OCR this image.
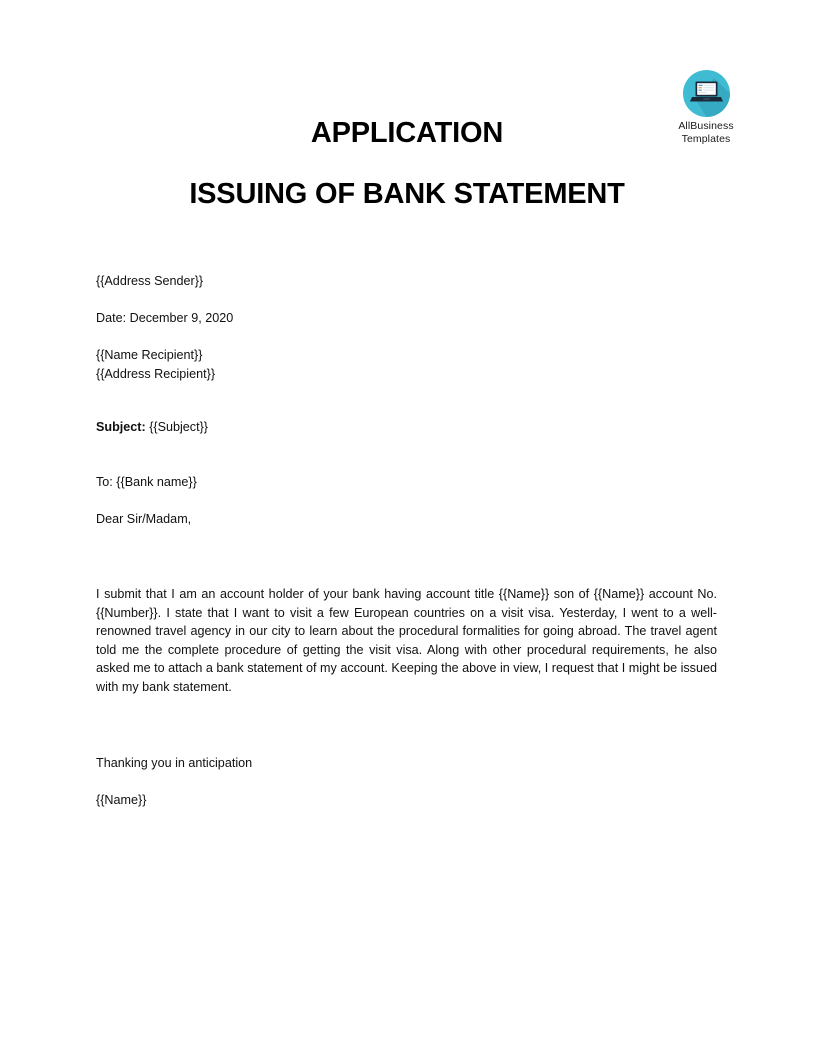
AllBusiness
Templates
APPLICATION
ISSUING OF BANK STATEMENT
{{Address Sender}}
Date: December 9, 2020
{{Name Recipient}}
{{Address Recipient}}
Subject: {{Subject}}
To: {{Bank name}}
Dear Sir/Madam,
I submit that I am an account holder of your bank having account title {{Name}} son of {{Name}} account No. {{Number}}. I state that I want to visit a few European countries on a visit visa. Yesterday, I went to a well-renowned travel agency in our city to learn about the procedural formalities for going abroad. The travel agent told me the complete procedure of getting the visit visa. Along with other procedural requirements, he also asked me to attach a bank statement of my account. Keeping the above in view, I request that I might be issued with my bank statement.
Thanking you in anticipation
{{Name}}
